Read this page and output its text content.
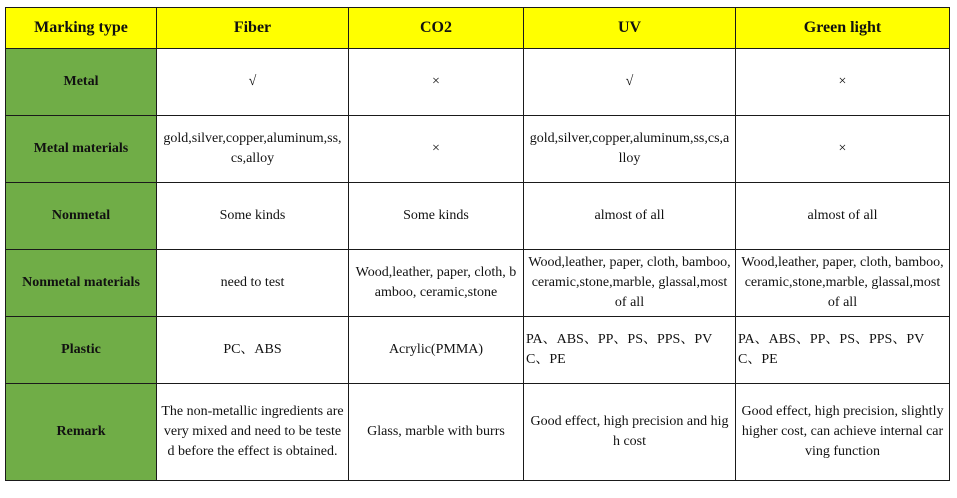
Marking type	Fiber	CO2	UV	Green light
Metal	√	×	√	×
Metal materials	gold,silver,copper,aluminum,ss,cs,alloy	×	gold,silver,copper,aluminum,ss,cs,alloy	×
Nonmetal	Some kinds	Some kinds	almost of all	almost of all
Nonmetal materials	need to test	Wood,leather, paper, cloth, bamboo, ceramic,stone	Wood,leather, paper, cloth, bamboo,ceramic,stone,marble, glassal,most of all	Wood,leather, paper, cloth, bamboo,ceramic,stone,marble, glassal,most of all
Plastic	PC、ABS	Acrylic(PMMA)	PA、ABS、PP、PS、PPS、PVC、PE	PA、ABS、PP、PS、PPS、PVC、PE
Remark	The non-metallic ingredients are very mixed and need to be tested before the effect is obtained.	Glass, marble with burrs	Good effect, high precision and high cost	Good effect, high precision, slightly higher cost, can achieve internal carving function
